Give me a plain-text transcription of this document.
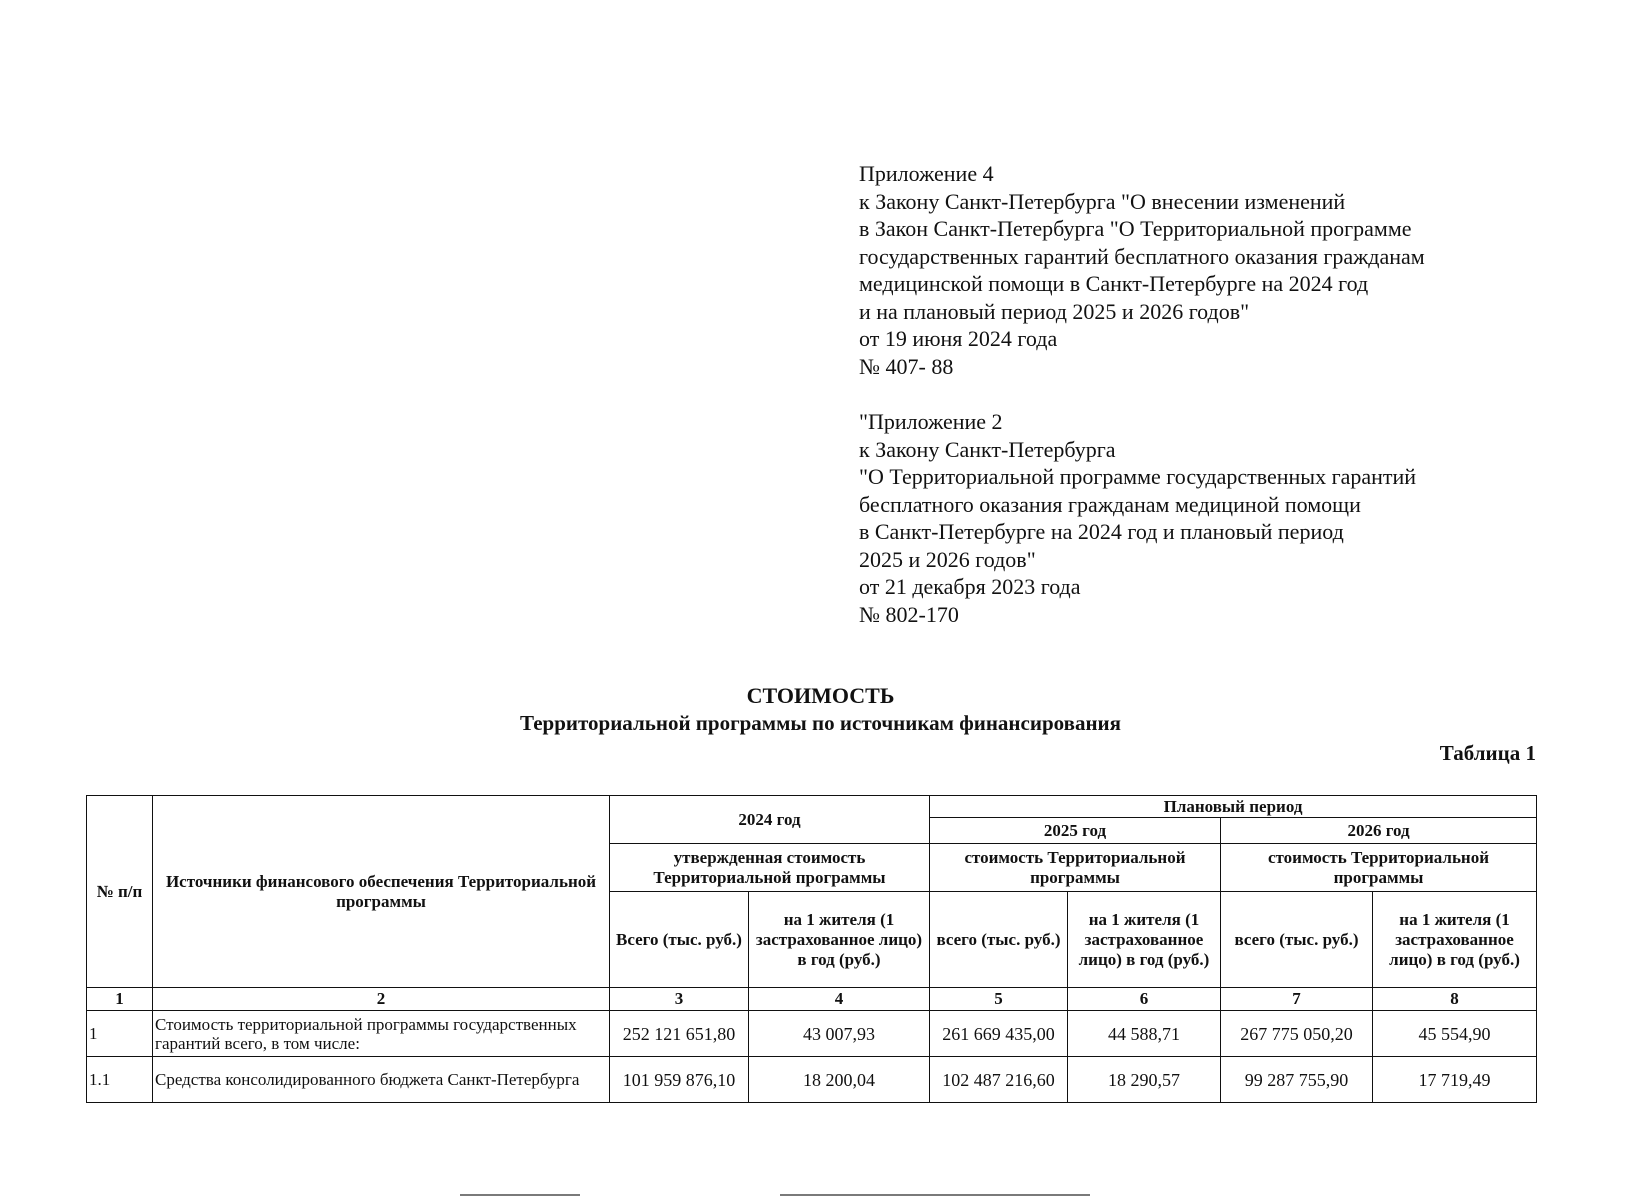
Приложение 4
к Закону Санкт-Петербурга "О внесении изменений
в Закон Санкт-Петербурга "О Территориальной программе
государственных гарантий бесплатного оказания гражданам
медицинской помощи в Санкт-Петербурге на 2024 год
и на плановый период 2025 и 2026 годов"
от 19 июня 2024 года
№ 407- 88
"Приложение 2
к Закону Санкт-Петербурга
"О Территориальной программе государственных гарантий
бесплатного оказания гражданам медициной помощи
в Санкт-Петербурге на 2024 год и плановый период
2025 и 2026 годов"
от 21 декабря 2023 года
№ 802-170
СТОИМОСТЬ
Территориальной программы по источникам финансирования
Таблица 1
№ п/п	Источники финансового обеспечения Территориальной программы	2024 год		Плановый период			
				2025 год		2026 год	
		утвержденная стоимость Территориальной программы		стоимость Территориальной программы		стоимость Территориальной программы	
		Всего (тыс. руб.)	на 1 жителя (1 застрахованное лицо) в год (руб.)	всего (тыс. руб.)	на 1 жителя (1 застрахованное лицо) в год (руб.)	всего (тыс. руб.)	на 1 жителя (1 застрахованное лицо) в год (руб.)
1	2	3	4	5	6	7	8
1	Стоимость территориальной программы государственных гарантий всего, в том числе:	252 121 651,80	43 007,93	261 669 435,00	44 588,71	267 775 050,20	45 554,90
1.1	Средства консолидированного бюджета Санкт-Петербурга	101 959 876,10	18 200,04	102 487 216,60	18 290,57	99 287 755,90	17 719,49
